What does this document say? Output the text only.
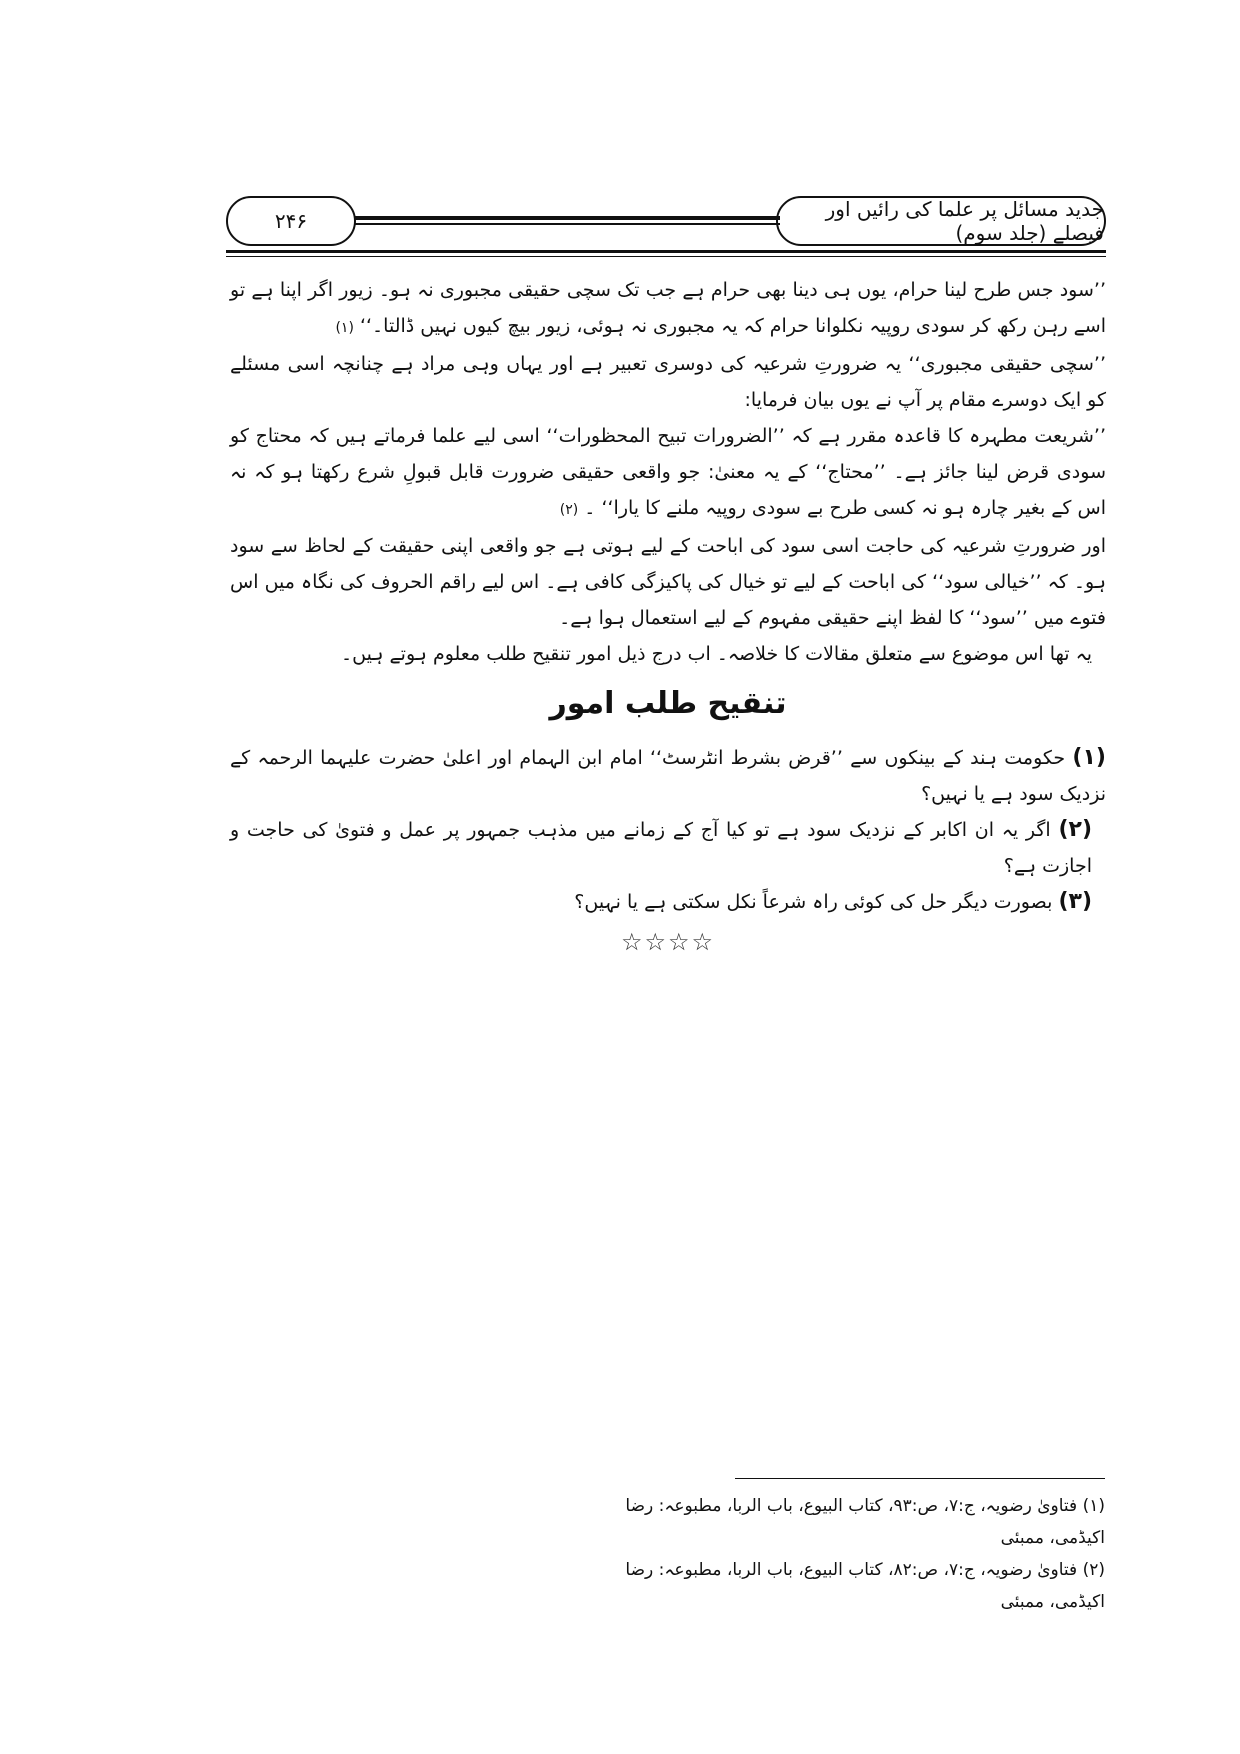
جدید مسائل پر علما کی رائیں اور فیصلے (جلد سوم)
۲۴۶

’’سود جس طرح لینا حرام، یوں ہی دینا بھی حرام ہے جب تک سچی حقیقی مجبوری نہ ہو۔ زیور اگر اپنا ہے تو اسے رہن رکھ کر سودی روپیہ نکلوانا حرام کہ یہ مجبوری نہ ہوئی، زیور بیچ کیوں نہیں ڈالتا۔‘‘ (۱)

’’سچی حقیقی مجبوری‘‘ یہ ضرورتِ شرعیہ کی دوسری تعبیر ہے اور یہاں وہی مراد ہے چنانچہ اسی مسئلے کو ایک دوسرے مقام پر آپ نے یوں بیان فرمایا:

’’شریعت مطہرہ کا قاعدہ مقرر ہے کہ ’’الضرورات تبیح المحظورات‘‘ اسی لیے علما فرماتے ہیں کہ محتاج کو سودی قرض لینا جائز ہے۔ ’’محتاج‘‘ کے یہ معنیٰ: جو واقعی حقیقی ضرورت قابل قبولِ شرع رکھتا ہو کہ نہ اس کے بغیر چارہ ہو نہ کسی طرح بے سودی روپیہ ملنے کا یارا‘‘ ۔ (۲)

اور ضرورتِ شرعیہ کی حاجت اسی سود کی اباحت کے لیے ہوتی ہے جو واقعی اپنی حقیقت کے لحاظ سے سود ہو۔ کہ ’’خیالی سود‘‘ کی اباحت کے لیے تو خیال کی پاکیزگی کافی ہے۔ اس لیے راقم الحروف کی نگاہ میں اس فتوے میں ’’سود‘‘ کا لفظ اپنے حقیقی مفہوم کے لیے استعمال ہوا ہے۔

یہ تھا اس موضوع سے متعلق مقالات کا خلاصہ۔ اب درج ذیل امور تنقیح طلب معلوم ہوتے ہیں۔

تنقیح طلب امور

(۱) حکومت ہند کے بینکوں سے ’’قرض بشرط انٹرسٹ‘‘ امام ابن الہمام اور اعلیٰ حضرت علیہما الرحمہ کے نزدیک سود ہے یا نہیں؟

(۲) اگر یہ ان اکابر کے نزدیک سود ہے تو کیا آج کے زمانے میں مذہب جمہور پر عمل و فتویٰ کی حاجت و اجازت ہے؟

(۳) بصورت دیگر حل کی کوئی راہ شرعاً نکل سکتی ہے یا نہیں؟

☆☆☆☆

(۱) فتاویٰ رضویہ، ج:۷، ص:۹۳، کتاب البیوع، باب الربا، مطبوعہ: رضا اکیڈمی، ممبئی

(۲) فتاویٰ رضویہ، ج:۷، ص:۸۲، کتاب البیوع، باب الربا، مطبوعہ: رضا اکیڈمی، ممبئی
